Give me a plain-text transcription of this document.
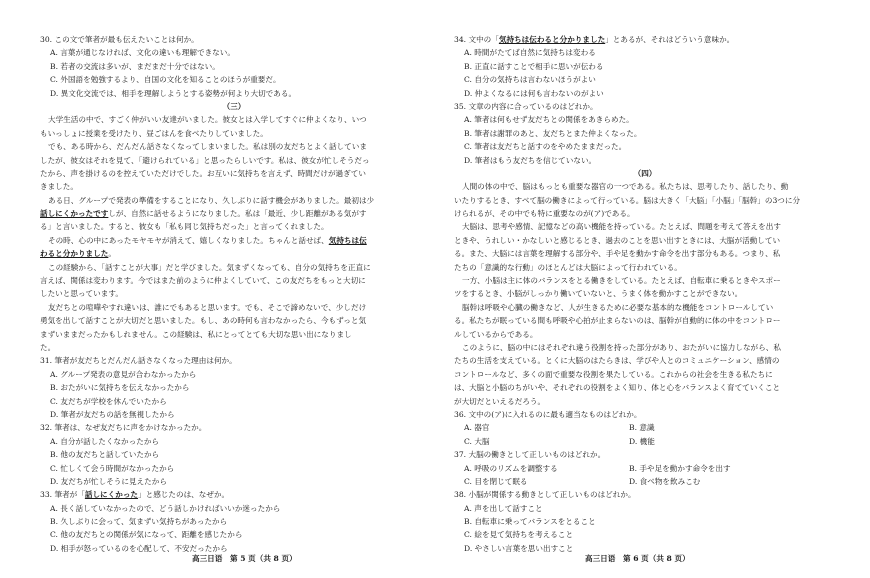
30. この文で筆者が最も伝えたいことは何か。
A. 言葉が通じなければ、文化の違いも理解できない。
B. 若者の交流は多いが、まだまだ十分ではない。
C. 外国語を勉強するより、自国の文化を知ることのほうが重要だ。
D. 異文化交流では、相手を理解しようとする姿勢が何より大切である。
（三）
大学生活の中で、すごく仲がいい友達がいました。彼女とは入学してすぐに仲よくなり、いつ
もいっしょに授業を受けたり、昼ごはんを食べたりしていました。
でも、ある時から、だんだん話さなくなってしまいました。私は別の友だちとよく話していま
したが、彼女はそれを見て、「避けられている」と思ったらしいです。私は、彼女が忙しそうだっ
たから、声を掛けるのを控えていただけでした。お互いに気持ちを言えず、時間だけが過ぎてい
きました。
ある日、グループで発表の準備をすることになり、久しぶりに話す機会がありました。最初は少
話しにくかったですしが、自然に話せるようになりました。私は「最近、少し距離がある気がす
る」と言いました。すると、彼女も「私も同じ気持ちだった」と言ってくれました。
その時、心の中にあったモヤモヤが消えて、嬉しくなりました。ちゃんと話せば、気持ちは伝
わると分かりました。
この経験から、「話すことが大事」だと学びました。気まずくなっても、自分の気持ちを正直に
言えば、関係は変わります。今ではまた前のように仲よくしていて、この友だちをもっと大切に
したいと思っています。
友だちとの喧嘩やすれ違いは、誰にでもあると思います。でも、そこで諦めないで、少しだけ
勇気を出して話すことが大切だと思いました。もし、あの時何も言わなかったら、今もずっと気
まずいままだったかもしれません。この経験は、私にとってとても大切な思い出になりまし
た。
31. 筆者が友だちとだんだん話さなくなった理由は何か。
A. グループ発表の意見が合わなかったから
B. おたがいに気持ちを伝えなかったから
C. 友だちが学校を休んでいたから
D. 筆者が友だちの話を無視したから
32. 筆者は、なぜ友だちに声をかけなかったか。
A. 自分が話したくなかったから
B. 他の友だちと話していたから
C. 忙しくて会う時間がなかったから
D. 友だちが忙しそうに見えたから
33. 筆者が「話しにくかった」と感じたのは、なぜか。
A. 長く話していなかったので、どう話しかければいいか迷ったから
B. 久しぶりに会って、気まずい気持ちがあったから
C. 他の友だちとの関係が気になって、距離を感じたから
D. 相手が怒っているのを心配して、不安だったから
高三日语　第 5 页（共 8 页）
34. 文中の「気持ちは伝わると分かりました」とあるが、それはどういう意味か。
A. 時間がたてば自然に気持ちは変わる
B. 正直に話すことで相手に思いが伝わる
C. 自分の気持ちは言わないほうがよい
D. 仲よくなるには何も言わないのがよい
35. 文章の内容に合っているのはどれか。
A. 筆者は何もせず友だちとの関係をあきらめた。
B. 筆者は謝罪のあと、友だちとまた仲よくなった。
C. 筆者は友だちと話すのをやめたままだった。
D. 筆者はもう友だちを信じていない。
（四）
人間の体の中で、脳はもっとも重要な器官の一つである。私たちは、思考したり、話したり、動
いたりするとき、すべて脳の働きによって行っている。脳は大きく「大脳」「小脳」「脳幹」の3つに分
けられるが、その中でも特に重要なのが(ア)である。
大脳は、思考や感情、記憶などの高い機能を持っている。たとえば、問題を考えて答えを出す
ときや、うれしい・かなしいと感じるとき、過去のことを思い出すときには、大脳が活動してい
る。また、大脳には言葉を理解する部分や、手や足を動かす命令を出す部分もある。つまり、私
たちの「意識的な行動」のほとんどは大脳によって行われている。
一方、小脳は主に体のバランスをとる働きをしている。たとえば、自転車に乗るときやスポー
ツをするとき、小脳がしっかり働いていないと、うまく体を動かすことができない。
脳幹は呼吸や心臓の働きなど、人が生きるために必要な基本的な機能をコントロールしてい
る。私たちが眠っている間も呼吸や心拍が止まらないのは、脳幹が自動的に体の中をコントロー
ルしているからである。
このように、脳の中にはそれぞれ違う役割を持った部分があり、おたがいに協力しながら、私
たちの生活を支えている。とくに大脳のはたらきは、学びや人とのコミュニケーション、感情の
コントロールなど、多くの面で重要な役割を果たしている。これからの社会を生きる私たちに
は、大脳と小脳のちがいや、それぞれの役割をよく知り、体と心をバランスよく育てていくこと
が大切だといえるだろう。
36. 文中の(ア)に入れるのに最も適当なものはどれか。
A. 器官	B. 意識
C. 大脳	D. 機能
37. 大脳の働きとして正しいものはどれか。
A. 呼吸のリズムを調整する	B. 手や足を動かす命令を出す
C. 目を閉じて眠る	D. 食べ物を飲みこむ
38. 小脳が関係する動きとして正しいものはどれか。
A. 声を出して話すこと
B. 自転車に乗ってバランスをとること
C. 絵を見て気持ちを考えること
D. やさしい言葉を思い出すこと
高三日语　第 6 页（共 8 页）
